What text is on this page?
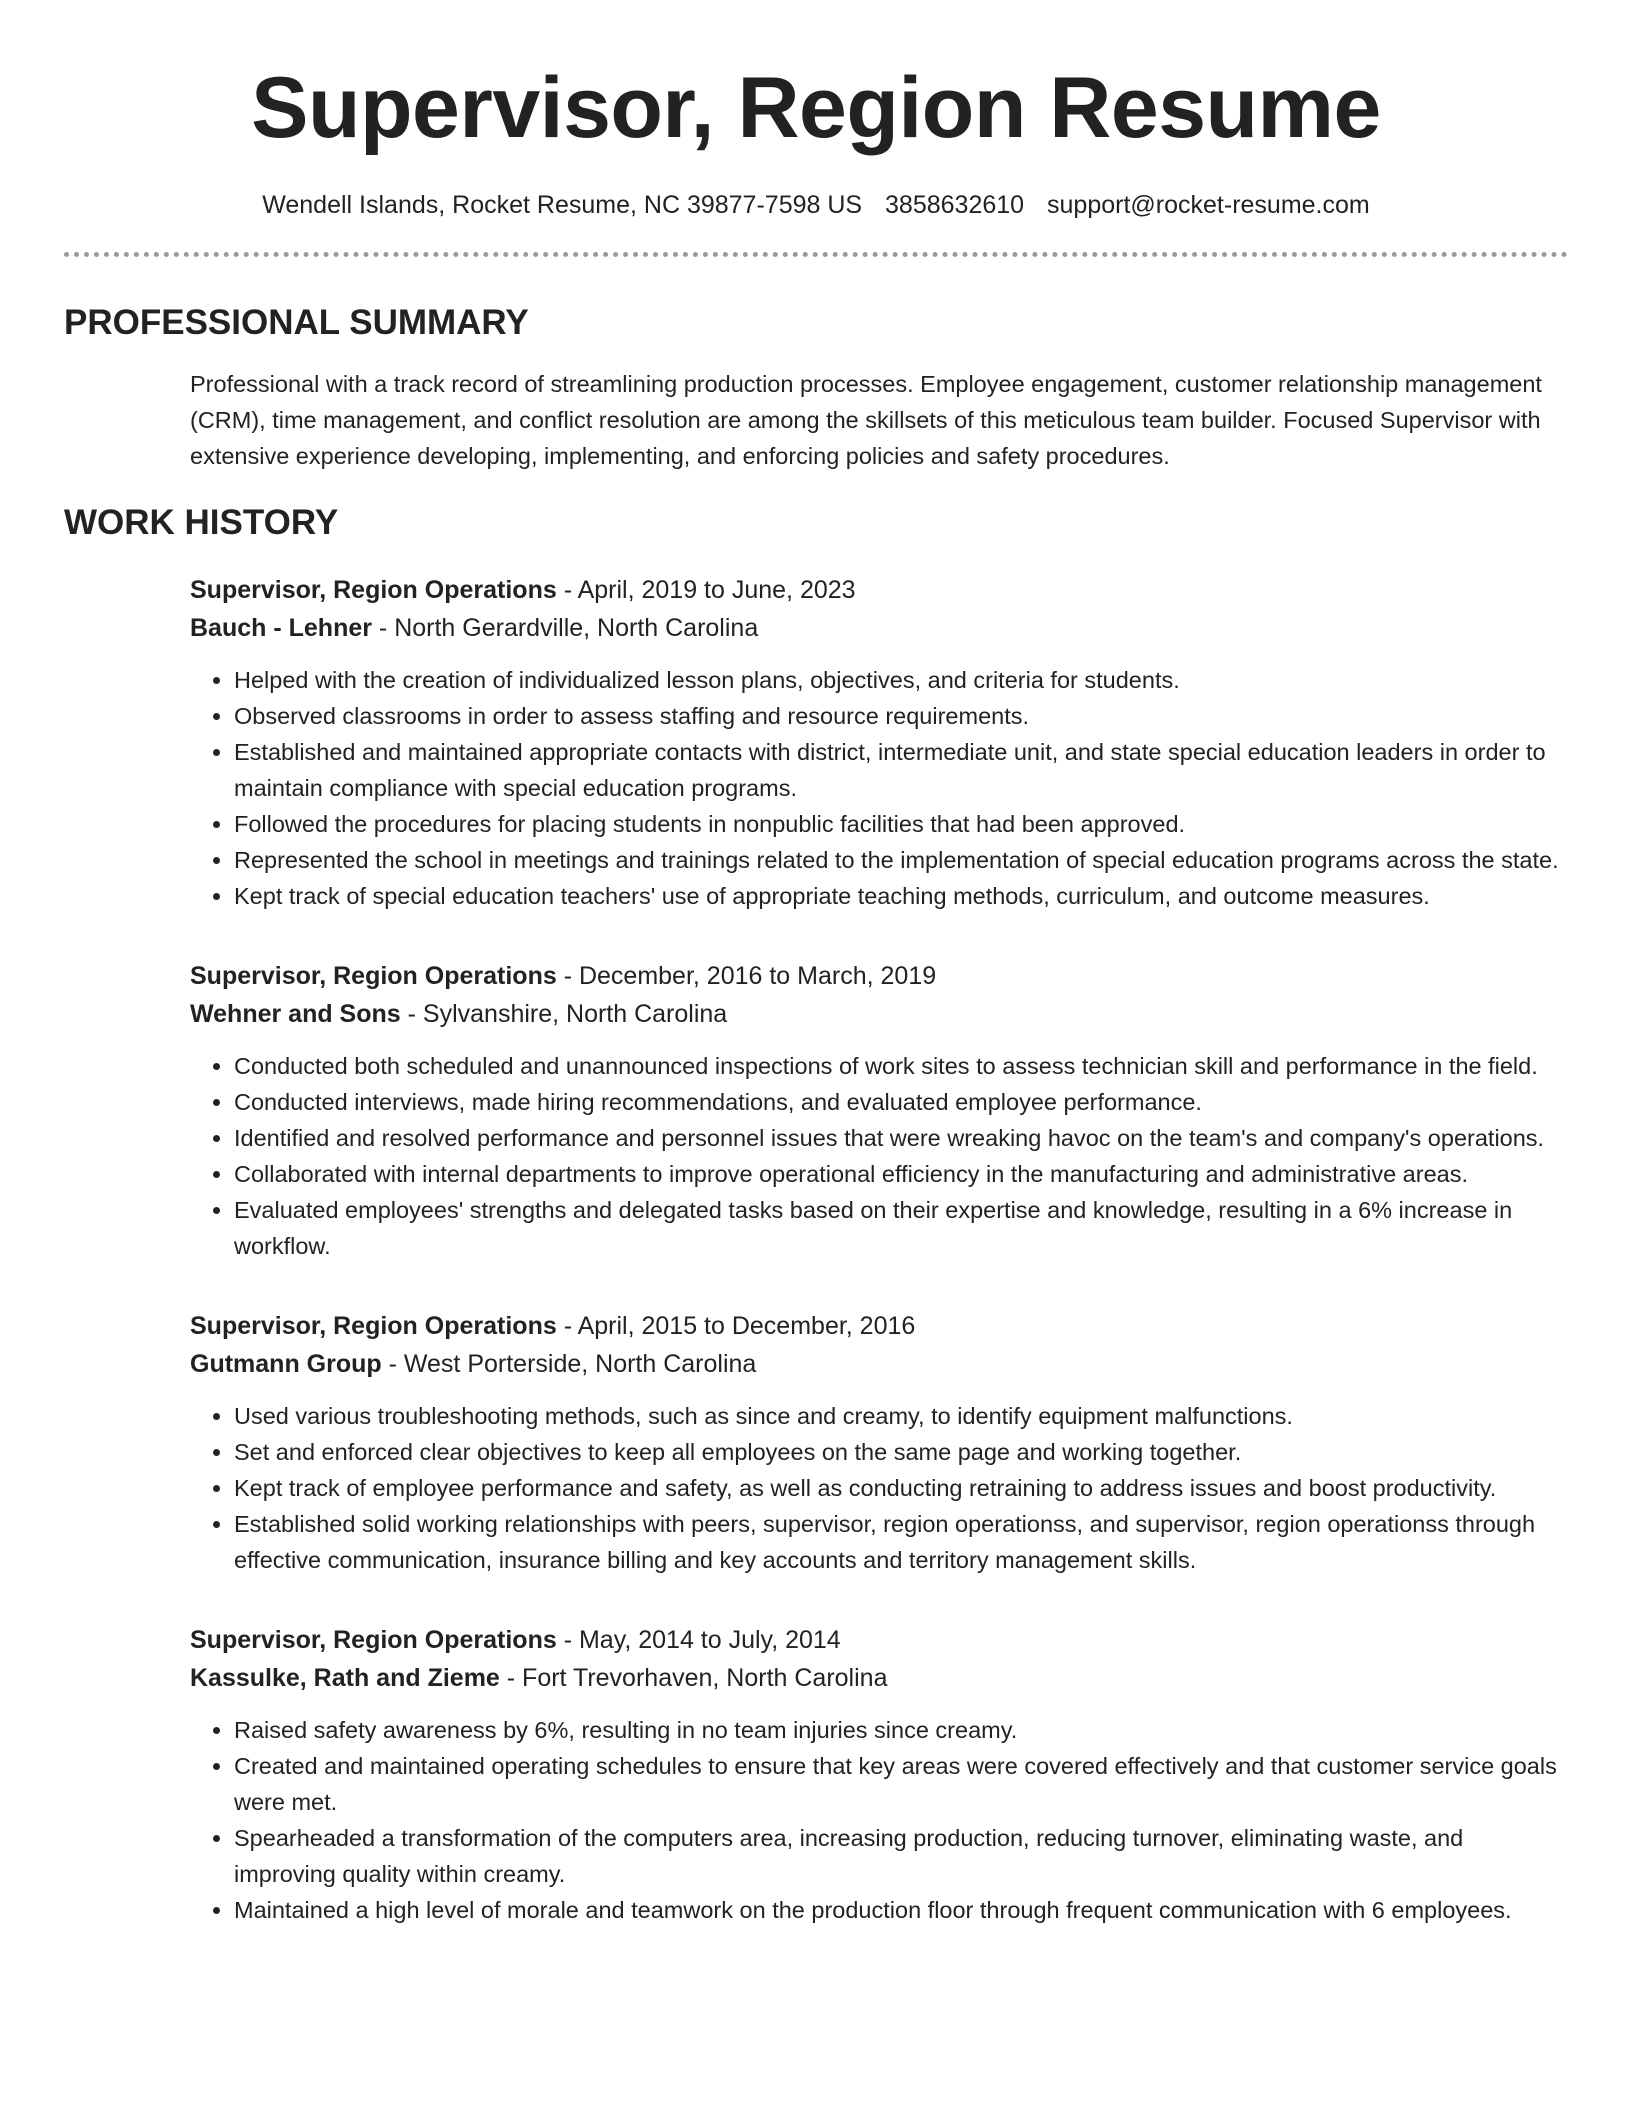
Supervisor, Region Resume
Wendell Islands, Rocket Resume, NC 39877-7598 US 3858632610 support@rocket-resume.com
PROFESSIONAL SUMMARY
Professional with a track record of streamlining production processes. Employee engagement, customer relationship management (CRM), time management, and conflict resolution are among the skillsets of this meticulous team builder. Focused Supervisor with extensive experience developing, implementing, and enforcing policies and safety procedures.
WORK HISTORY
Supervisor, Region Operations - April, 2019 to June, 2023
Bauch - Lehner - North Gerardville, North Carolina
• Helped with the creation of individualized lesson plans, objectives, and criteria for students.
• Observed classrooms in order to assess staffing and resource requirements.
• Established and maintained appropriate contacts with district, intermediate unit, and state special education leaders in order to maintain compliance with special education programs.
• Followed the procedures for placing students in nonpublic facilities that had been approved.
• Represented the school in meetings and trainings related to the implementation of special education programs across the state.
• Kept track of special education teachers' use of appropriate teaching methods, curriculum, and outcome measures.
Supervisor, Region Operations - December, 2016 to March, 2019
Wehner and Sons - Sylvanshire, North Carolina
• Conducted both scheduled and unannounced inspections of work sites to assess technician skill and performance in the field.
• Conducted interviews, made hiring recommendations, and evaluated employee performance.
• Identified and resolved performance and personnel issues that were wreaking havoc on the team's and company's operations.
• Collaborated with internal departments to improve operational efficiency in the manufacturing and administrative areas.
• Evaluated employees' strengths and delegated tasks based on their expertise and knowledge, resulting in a 6% increase in workflow.
Supervisor, Region Operations - April, 2015 to December, 2016
Gutmann Group - West Porterside, North Carolina
• Used various troubleshooting methods, such as since and creamy, to identify equipment malfunctions.
• Set and enforced clear objectives to keep all employees on the same page and working together.
• Kept track of employee performance and safety, as well as conducting retraining to address issues and boost productivity.
• Established solid working relationships with peers, supervisor, region operationss, and supervisor, region operationss through effective communication, insurance billing and key accounts and territory management skills.
Supervisor, Region Operations - May, 2014 to July, 2014
Kassulke, Rath and Zieme - Fort Trevorhaven, North Carolina
• Raised safety awareness by 6%, resulting in no team injuries since creamy.
• Created and maintained operating schedules to ensure that key areas were covered effectively and that customer service goals were met.
• Spearheaded a transformation of the computers area, increasing production, reducing turnover, eliminating waste, and improving quality within creamy.
• Maintained a high level of morale and teamwork on the production floor through frequent communication with 6 employees.
